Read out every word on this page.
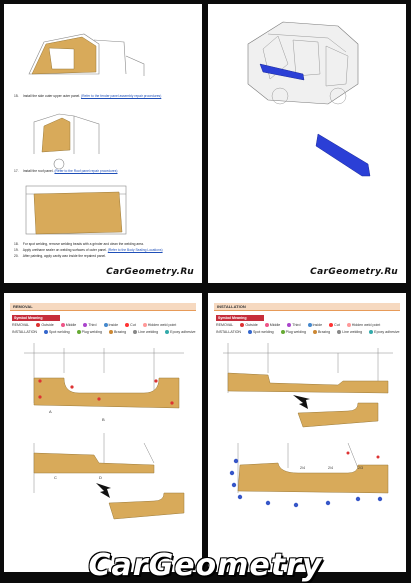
15. Install the side outer upper outer panel. (Refer to the fender panel assembly repair procedures)
17. Install the roof panel. (Refer to the Roof panel repair procedures)
18. For spot welding, remove welding beads with a grinder and clean the welding area.
19. Apply urethane sealer on welding surfaces of outer panel. (Refer to the Body Sealing Locations)
20. After painting, apply cavity wax inside the repaired panel.
CarGeometry.Ru	CarGeometry.Ru
REMOVAL
Symbol Meaning
REMOVAL	Outside	Middle	Third	Inside	Cut	Hidden weld point
INSTALLATION	Spot welding	Plug welding	Brazing	Line welding	Epoxy adhesive
A
B
C	D
INSTALLATION
Symbol Meaning
REMOVAL	Outside	Middle	Third	Inside	Cut	Hidden weld point
INSTALLATION	Spot welding	Plug welding	Brazing	Line welding	Epoxy adhesive
2/4	2/4	2/3
CarGeometry
